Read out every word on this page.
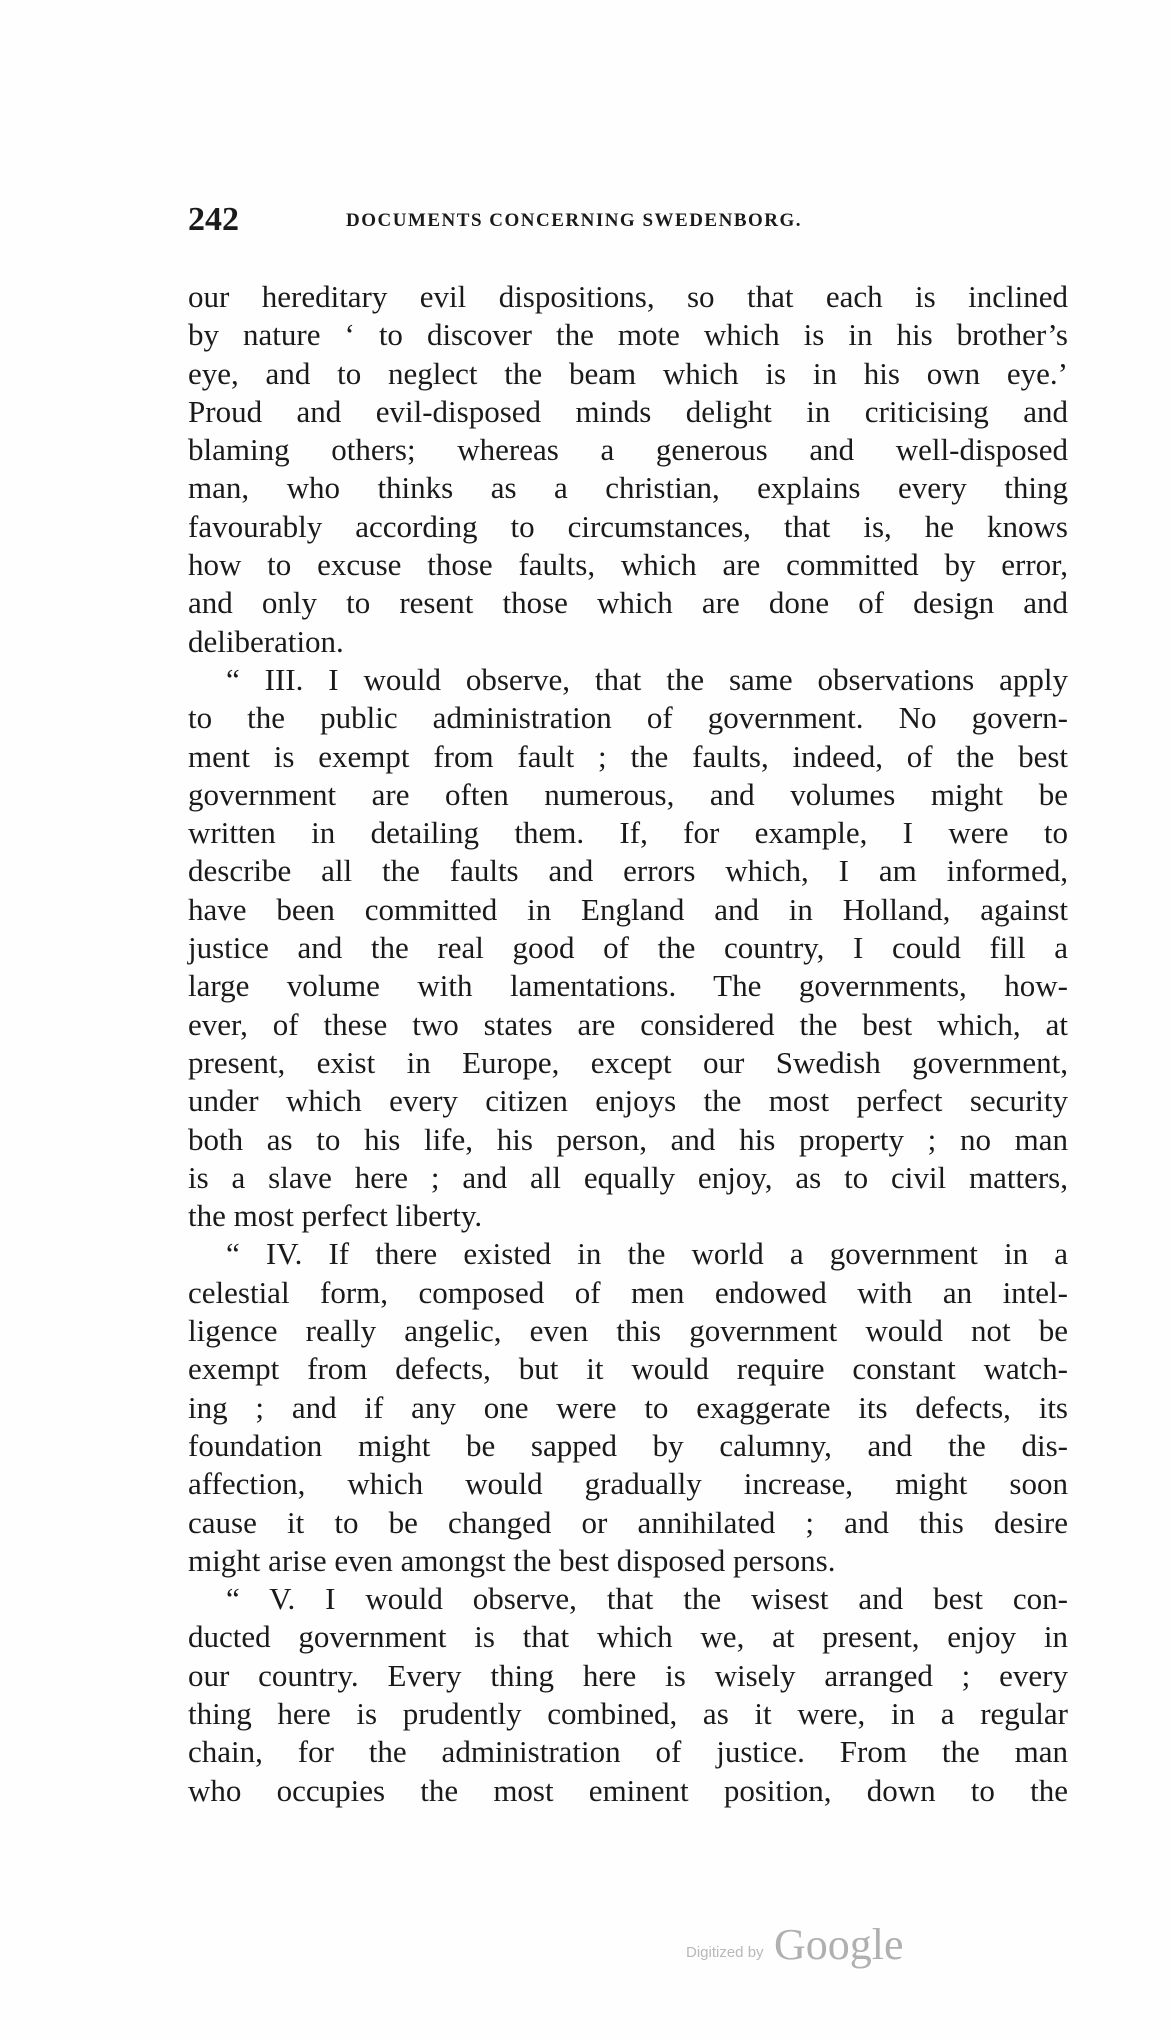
242	DOCUMENTS CONCERNING SWEDENBORG.
our hereditary evil dispositions, so that each is inclined
by nature ‘ to discover the mote which is in his brother’s
eye, and to neglect the beam which is in his own eye.’
Proud and evil-disposed minds delight in criticising and
blaming others; whereas a generous and well-disposed
man, who thinks as a christian, explains every thing
favourably according to circumstances, that is, he knows
how to excuse those faults, which are committed by error,
and only to resent those which are done of design and
deliberation.
“ III. I would observe, that the same observations apply
to the public administration of government. No govern-
ment is exempt from fault ; the faults, indeed, of the best
government are often numerous, and volumes might be
written in detailing them. If, for example, I were to
describe all the faults and errors which, I am informed,
have been committed in England and in Holland, against
justice and the real good of the country, I could fill a
large volume with lamentations. The governments, how-
ever, of these two states are considered the best which, at
present, exist in Europe, except our Swedish government,
under which every citizen enjoys the most perfect security
both as to his life, his person, and his property ; no man
is a slave here ; and all equally enjoy, as to civil matters,
the most perfect liberty.
“ IV. If there existed in the world a government in a
celestial form, composed of men endowed with an intel-
ligence really angelic, even this government would not be
exempt from defects, but it would require constant watch-
ing ; and if any one were to exaggerate its defects, its
foundation might be sapped by calumny, and the dis-
affection, which would gradually increase, might soon
cause it to be changed or annihilated ; and this desire
might arise even amongst the best disposed persons.
“ V. I would observe, that the wisest and best con-
ducted government is that which we, at present, enjoy in
our country. Every thing here is wisely arranged ; every
thing here is prudently combined, as it were, in a regular
chain, for the administration of justice. From the man
who occupies the most eminent position, down to the
Digitized by Google
